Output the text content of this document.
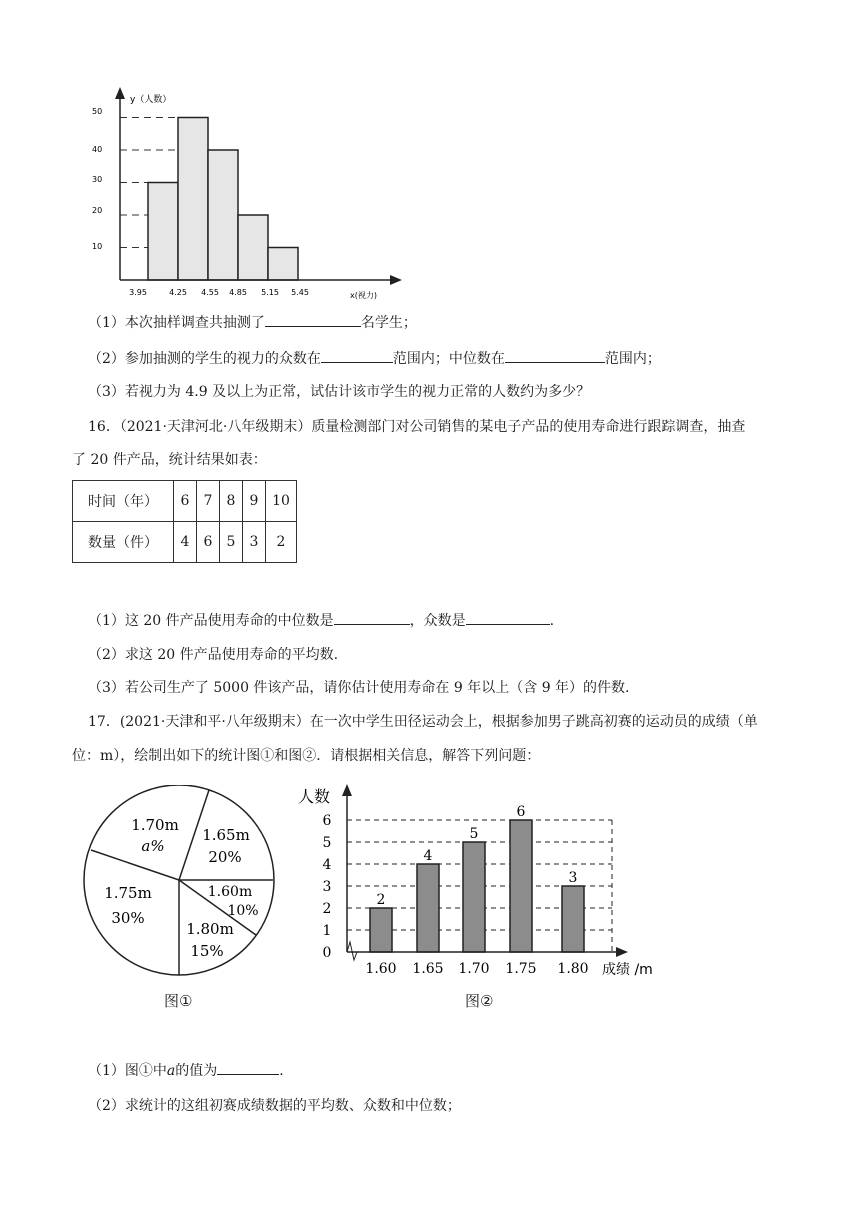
y（人数）
x(视力)
50
40
30
20
10
3.95	4.25 4.55 4.85 5.15 5.45
（1）本次抽样调查共抽测了	名学生；
（2）参加抽测的学生的视力的众数在	范围内；中位数在	范围内；
（3）若视力为 4.9 及以上为正常，试估计该市学生的视力正常的人数约为多少？
16．（2021·天津河北·八年级期末）质量检测部门对公司销售的某电子产品的使用寿命进行跟踪调查，抽查
了 20 件产品，统计结果如表：
时间（年）	6	7	8	9	10
数量（件）	4	6	5	3	2
（1）这 20 件产品使用寿命的中位数是	，众数是	.
（2）求这 20 件产品使用寿命的平均数.
（3）若公司生产了 5000 件该产品，请你估计使用寿命在 9 年以上（含 9 年）的件数.
17．(2021·天津和平·八年级期末）在一次中学生田径运动会上，根据参加男子跳高初赛的运动员的成绩（单
位：m），绘制出如下的统计图①和图②．请根据相关信息，解答下列问题：
1.70m
a%
1.65m
20%
1.60m
10%
1.80m
15%
1.75m
30%
图①
2
4
5
6
3
人数
成绩 /m
0
1
2
3
4
5
6
1.60 1.65 1.70 1.75 1.80
图②
（1）图①中a的值为	.
（2）求统计的这组初赛成绩数据的平均数、众数和中位数；
